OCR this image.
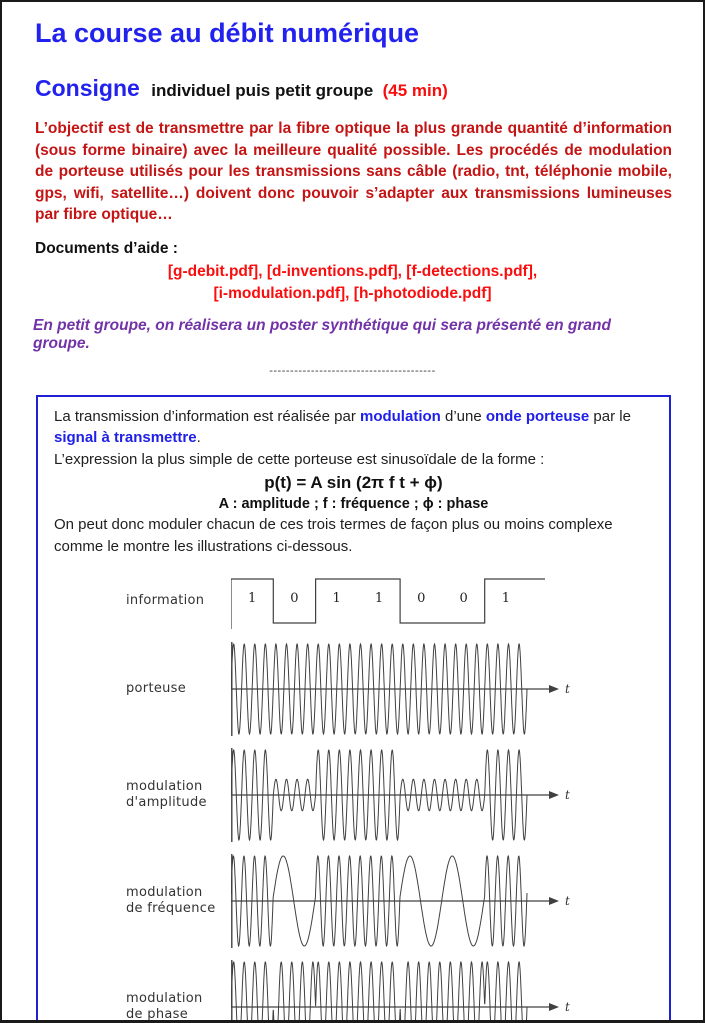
La course au débit numérique
Consigne individuel puis petit groupe (45 min)

L’objectif est de transmettre par la fibre optique la plus grande quantité d’information (sous forme binaire) avec la meilleure qualité possible. Les procédés de modulation de porteuse utilisés pour les transmissions sans câble (radio, tnt, téléphonie mobile, gps, wifi, satellite…) doivent donc pouvoir s’adapter aux transmissions lumineuses par fibre optique…

Documents d’aide :

[g-debit.pdf], [d-inventions.pdf], [f-detections.pdf],
[i-modulation.pdf], [h-photodiode.pdf]

En petit groupe, on réalisera un poster synthétique qui sera présenté en grand groupe.

----------------------------------------

La transmission d’information est réalisée par modulation d’une onde porteuse par le signal à transmettre.

L’expression la plus simple de cette porteuse est sinusoïdale de la forme :

p(t) = A sin (2π f t + ϕ)
A : amplitude ; f : fréquence ; ϕ : phase

On peut donc moduler chacun de ces trois termes de façon plus ou moins complexe comme le montre les illustrations ci-dessous.

information	1	0	1	1	0	0	1
porteuse	t
modulation
d'amplitude	t
modulation
de fréquence	t
modulation
de phase	t
